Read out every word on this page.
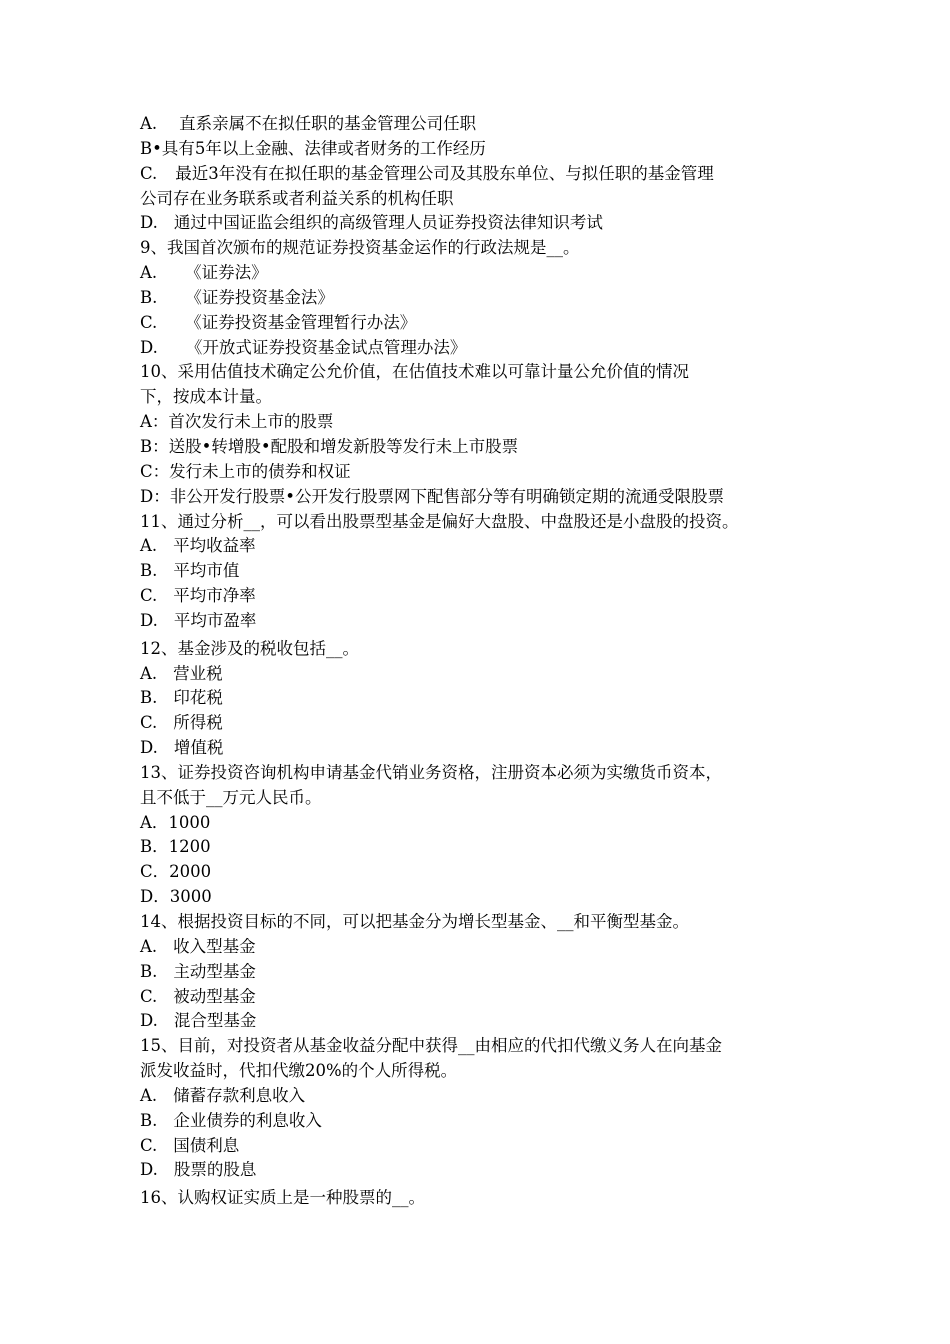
A. 直系亲属不在拟任职的基金管理公司任职
B•具有5年以上金融、法律或者财务的工作经历
C. 最近3年没有在拟任职的基金管理公司及其股东单位、与拟任职的基金管理
公司存在业务联系或者利益关系的机构任职
D. 通过中国证监会组织的高级管理人员证券投资法律知识考试
9、我国首次颁布的规范证券投资基金运作的行政法规是__。
A. 《证券法》
B. 《证券投资基金法》
C. 《证券投资基金管理暂行办法》
D. 《开放式证券投资基金试点管理办法》
10、采用估值技术确定公允价值，在估值技术难以可靠计量公允价值的情况
下，按成本计量。
A：首次发行未上市的股票
B：送股•转增股•配股和增发新股等发行未上市股票
C：发行未上市的债券和权证
D：非公开发行股票•公开发行股票网下配售部分等有明确锁定期的流通受限股票
11、通过分析__，可以看出股票型基金是偏好大盘股、中盘股还是小盘股的投资。
A. 平均收益率
B. 平均市值
C. 平均市净率
D. 平均市盈率
12、基金涉及的税收包括__。
A. 营业税
B. 印花税
C. 所得税
D. 增值税
13、证券投资咨询机构申请基金代销业务资格，注册资本必须为实缴货币资本，
且不低于__万元人民币。
A．1000
B．1200
C．2000
D．3000
14、根据投资目标的不同，可以把基金分为增长型基金、__和平衡型基金。
A. 收入型基金
B. 主动型基金
C. 被动型基金
D. 混合型基金
15、目前，对投资者从基金收益分配中获得__由相应的代扣代缴义务人在向基金
派发收益时，代扣代缴20%的个人所得税。
A. 储蓄存款利息收入
B. 企业债券的利息收入
C. 国债利息
D. 股票的股息
16、认购权证实质上是一种股票的__。
